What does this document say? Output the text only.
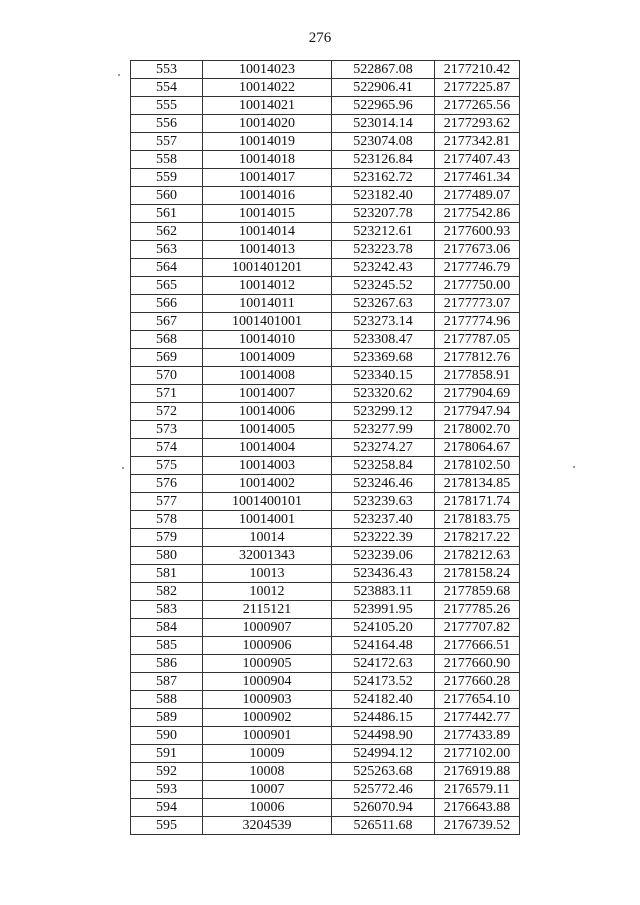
276
553	10014023	522867.08	2177210.42
554	10014022	522906.41	2177225.87
555	10014021	522965.96	2177265.56
556	10014020	523014.14	2177293.62
557	10014019	523074.08	2177342.81
558	10014018	523126.84	2177407.43
559	10014017	523162.72	2177461.34
560	10014016	523182.40	2177489.07
561	10014015	523207.78	2177542.86
562	10014014	523212.61	2177600.93
563	10014013	523223.78	2177673.06
564	1001401201	523242.43	2177746.79
565	10014012	523245.52	2177750.00
566	10014011	523267.63	2177773.07
567	1001401001	523273.14	2177774.96
568	10014010	523308.47	2177787.05
569	10014009	523369.68	2177812.76
570	10014008	523340.15	2177858.91
571	10014007	523320.62	2177904.69
572	10014006	523299.12	2177947.94
573	10014005	523277.99	2178002.70
574	10014004	523274.27	2178064.67
575	10014003	523258.84	2178102.50
576	10014002	523246.46	2178134.85
577	1001400101	523239.63	2178171.74
578	10014001	523237.40	2178183.75
579	10014	523222.39	2178217.22
580	32001343	523239.06	2178212.63
581	10013	523436.43	2178158.24
582	10012	523883.11	2177859.68
583	2115121	523991.95	2177785.26
584	1000907	524105.20	2177707.82
585	1000906	524164.48	2177666.51
586	1000905	524172.63	2177660.90
587	1000904	524173.52	2177660.28
588	1000903	524182.40	2177654.10
589	1000902	524486.15	2177442.77
590	1000901	524498.90	2177433.89
591	10009	524994.12	2177102.00
592	10008	525263.68	2176919.88
593	10007	525772.46	2176579.11
594	10006	526070.94	2176643.88
595	3204539	526511.68	2176739.52
